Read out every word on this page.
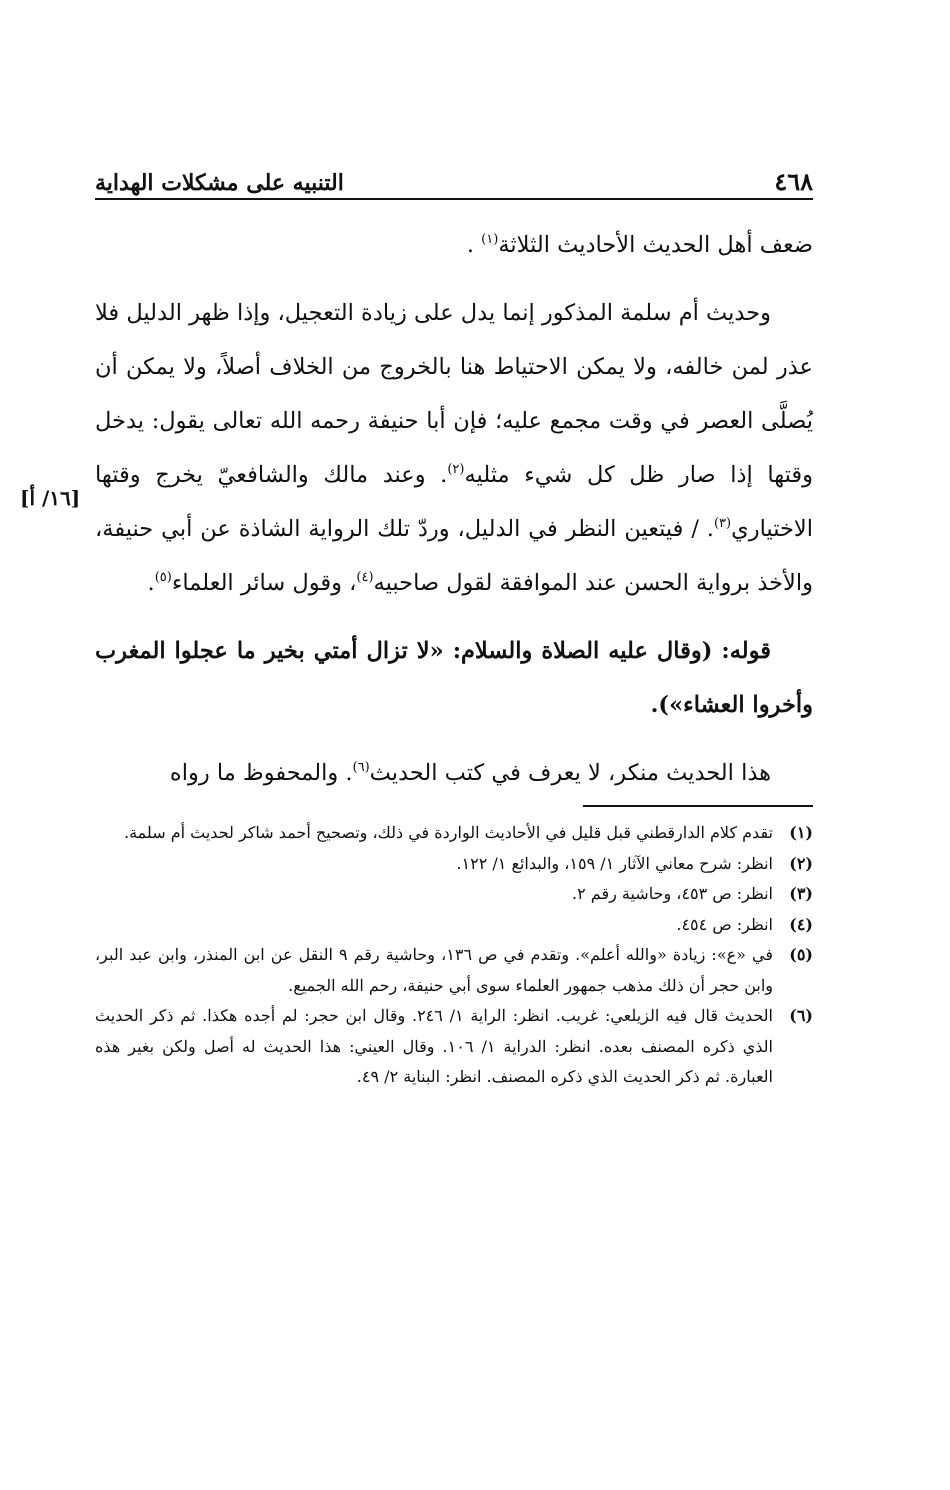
٤٦٨
التنبيه على مشكلات الهداية
[١٦/ أ]

ضعف أهل الحديث الأحاديث الثلاثة$^{(١)}$ .

وحديث أم سلمة المذكور إنما يدل على زيادة التعجيل، وإذا ظهر الدليل فلا عذر لمن خالفه، ولا يمكن الاحتياط هنا بالخروج من الخلاف أصلاً، ولا يمكن أن يُصلَّى العصر في وقت مجمع عليه؛ فإن أبا حنيفة رحمه الله تعالى يقول: يدخل وقتها إذا صار ظل كل شيء مثليه$^{(٢)}$. وعند مالك والشافعيّ يخرج وقتها الاختياري$^{(٣)}$. / فيتعين النظر في الدليل، وردّ تلك الرواية الشاذة عن أبي حنيفة، والأخذ برواية الحسن عند الموافقة لقول صاحبيه$^{(٤)}$، وقول سائر العلماء$^{(٥)}$.

قوله: (وقال عليه الصلاة والسلام: «لا تزال أمتي بخير ما عجلوا المغرب وأخروا العشاء»).

هذا الحديث منكر، لا يعرف في كتب الحديث$^{(٦)}$. والمحفوظ ما رواه

(١)
تقدم كلام الدارقطني قبل قليل في الأحاديث الواردة في ذلك، وتصحيح أحمد شاكر لحديث أم سلمة.
(٢)
انظر: شرح معاني الآثار ١/ ١٥٩، والبدائع ١/ ١٢٢.
(٣)
انظر: ص ٤٥٣، وحاشية رقم ٢.
(٤)
انظر: ص ٤٥٤.
(٥)
في «ع»: زيادة «والله أعلم». وتقدم في ص ١٣٦، وحاشية رقم ٩ النقل عن ابن المنذر، وابن عبد البر، وابن حجر أن ذلك مذهب جمهور العلماء سوى أبي حنيفة، رحم الله الجميع.
(٦)
الحديث قال فيه الزيلعي: غريب. انظر: الراية ١/ ٢٤٦. وقال ابن حجر: لم أجده هكذا. ثم ذكر الحديث الذي ذكره المصنف بعده. انظر: الدراية ١/ ١٠٦. وقال العيني: هذا الحديث له أصل ولكن بغير هذه العبارة. ثم ذكر الحديث الذي ذكره المصنف. انظر: البناية ٢/ ٤٩.
